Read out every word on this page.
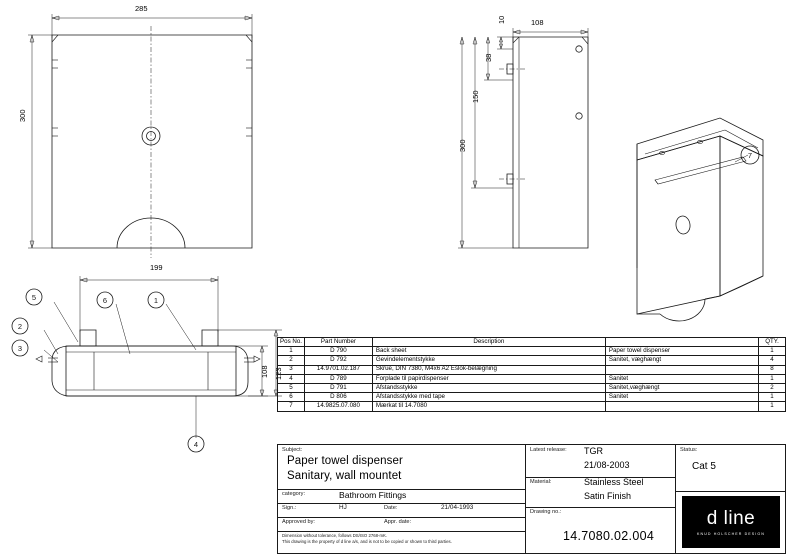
285
300
108
10
38
150
300
7
199
108 123
5	6	1
2
3
4
Pos No.	Part Number	Description		QTY.
1	D 790	Back sheet	Paper towel dispenser	1
2	D 792	Gevindelementstykke	Sanitet, væghængt	4
3	14.9701.02.187	Skrue, DIN 7380, M4x6 A2 Eslok-belægning		8
4	D 789	Forplade til papirdispenser	Sanitet	1
5	D 791	Afstandsstykke	Sanitet,væghængt	2
6	D 806	Afstandsstykke med tape	Sanitet	1
7	14.9825.07.080	Mærkat til 14.7080		1
Subject:
Paper towel dispenser
Sanitary, wall mountet
category:	Bathroom Fittings
Sign.:	HJ	Date:	21/04-1993
Approved by:	Appr. date:
Dimension without tolerance, follows DS/ISO 2768-mK.
This drawing is the property of d line a/s, and is not to be copied or shown to third parties.
Latest release: TGR
21/08-2003
Material:	Stainless Steel
Satin Finish
Drawing no.:
14.7080.02.004
Status:
Cat 5
d line
KNUD HOLSCHER DESIGN
